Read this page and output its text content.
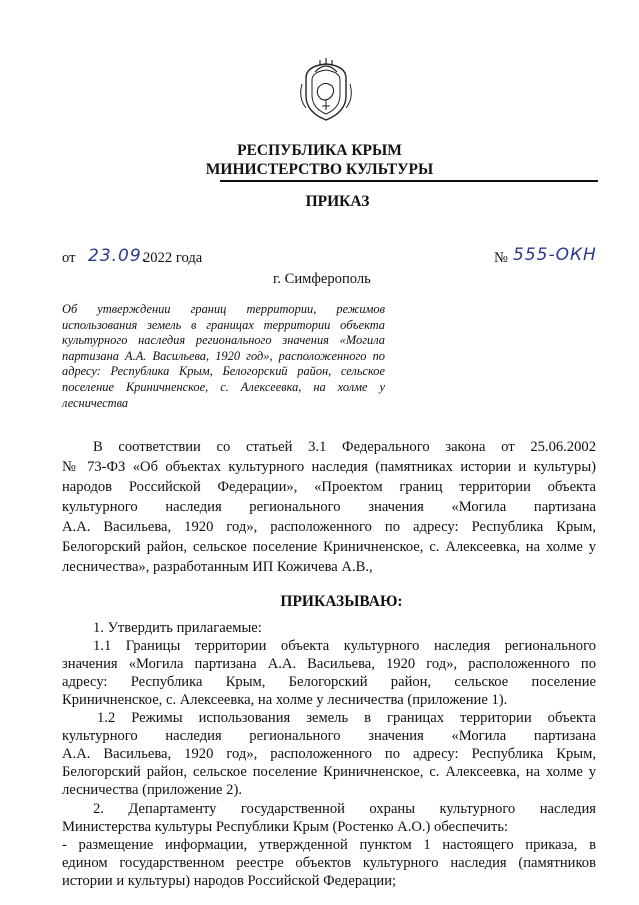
РЕСПУБЛИКА КРЫМ
МИНИСТЕРСТВО КУЛЬТУРЫ
ПРИКАЗ
от 23.09.
2022 года	№ 555-ОКН
г. Симферополь
Об утверждении границ территории, режимов
использования земель в границах территории объекта
культурного наследия регионального значения «Могила
партизана А.А. Васильева, 1920 год», расположенного по
адресу: Республика Крым, Белогорский район, сельское
поселение Криничненское, с. Алексеевка, на холме у
лесничества
В соответствии со статьей 3.1 Федерального закона от 25.06.2002
№ 73-ФЗ «Об объектах культурного наследия (памятниках истории и культуры)
народов Российской Федерации», «Проектом границ территории объекта
культурного наследия регионального значения «Могила партизана
А.А. Васильева, 1920 год», расположенного по адресу: Республика Крым,
Белогорский район, сельское поселение Криничненское, с. Алексеевка, на холме у
лесничества», разработанным ИП Кожичева А.В.,
ПРИКАЗЫВАЮ:
1. Утвердить прилагаемые:
1.1 Границы территории объекта культурного наследия регионального
значения «Могила партизана А.А. Васильева, 1920 год», расположенного по
адресу: Республика Крым, Белогорский район, сельское поселение
Криничненское, с. Алексеевка, на холме у лесничества (приложение 1).
1.2 Режимы использования земель в границах территории объекта
культурного наследия регионального значения «Могила партизана
А.А. Васильева, 1920 год», расположенного по адресу: Республика Крым,
Белогорский район, сельское поселение Криничненское, с. Алексеевка, на холме у
лесничества (приложение 2).
2. Департаменту государственной охраны культурного наследия
Министерства культуры Республики Крым (Ростенко А.О.) обеспечить:
- размещение информации, утвержденной пунктом 1 настоящего приказа, в
едином государственном реестре объектов культурного наследия (памятников
истории и культуры) народов Российской Федерации;
